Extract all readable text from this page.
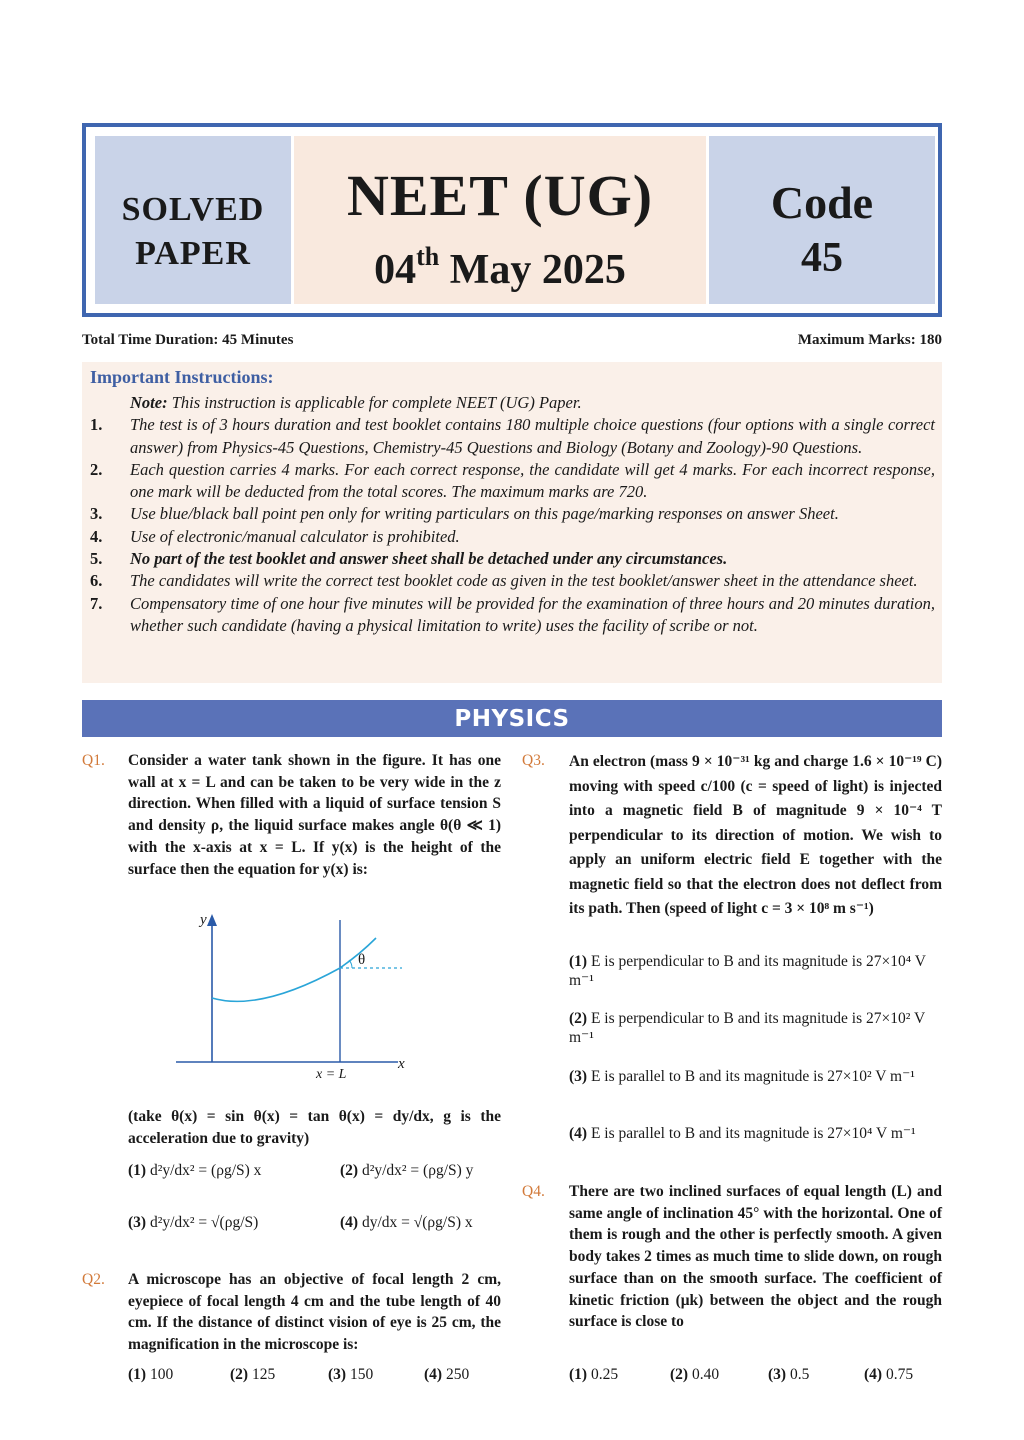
SOLVED
PAPER
NEET (UG)
04th May 2025
Code
45
Total Time Duration: 45 Minutes	Maximum Marks: 180
Important Instructions:
Note: This instruction is applicable for complete NEET (UG) Paper.
1.	The test is of 3 hours duration and test booklet contains 180 multiple choice questions (four options with a single correct answer) from Physics-45 Questions, Chemistry-45 Questions and Biology (Botany and Zoology)-90 Questions.
2.	Each question carries 4 marks. For each correct response, the candidate will get 4 marks. For each incorrect response, one mark will be deducted from the total scores. The maximum marks are 720.
3.	Use blue/black ball point pen only for writing particulars on this page/marking responses on answer Sheet.
4.	Use of electronic/manual calculator is prohibited.
5.	No part of the test booklet and answer sheet shall be detached under any circumstances.
6.	The candidates will write the correct test booklet code as given in the test booklet/answer sheet in the attendance sheet.
7.	Compensatory time of one hour five minutes will be provided for the examination of three hours and 20 minutes duration, whether such candidate (having a physical limitation to write) uses the facility of scribe or not.
PHYSICS
Q1. Consider a water tank shown in the figure. It has one wall at x = L and can be taken to be very wide in the z direction. When filled with a liquid of surface tension S and density ρ, the liquid surface makes angle θ(θ ≪ 1) with the x-axis at x = L. If y(x) is the height of the surface then the equation for y(x) is:
y
x
x = L
θ
(take θ(x) = sin θ(x) = tan θ(x) = dy/dx, g is the acceleration due to gravity)
(1) d²y/dx² = (ρg/S) x	(2) d²y/dx² = (ρg/S) y
(3) d²y/dx² = √(ρg/S)	(4) dy/dx = √(ρg/S) x
Q2. A microscope has an objective of focal length 2 cm, eyepiece of focal length 4 cm and the tube length of 40 cm. If the distance of distinct vision of eye is 25 cm, the magnification in the microscope is:
(1) 100	(2) 125	(3) 150	(4) 250
Q3. An electron (mass 9 × 10⁻³¹ kg and charge 1.6 × 10⁻¹⁹ C) moving with speed c/100 (c = speed of light) is injected into a magnetic field B of magnitude 9 × 10⁻⁴ T perpendicular to its direction of motion. We wish to apply an uniform electric field E together with the magnetic field so that the electron does not deflect from its path. Then (speed of light c = 3 × 10⁸ m s⁻¹)
(1) E is perpendicular to B and its magnitude is 27×10⁴ V m⁻¹
(2) E is perpendicular to B and its magnitude is 27×10² V m⁻¹
(3) E is parallel to B and its magnitude is 27×10² V m⁻¹
(4) E is parallel to B and its magnitude is 27×10⁴ V m⁻¹
Q4. There are two inclined surfaces of equal length (L) and same angle of inclination 45° with the horizontal. One of them is rough and the other is perfectly smooth. A given body takes 2 times as much time to slide down, on rough surface than on the smooth surface. The coefficient of kinetic friction (μk) between the object and the rough surface is close to
(1) 0.25	(2) 0.40	(3) 0.5	(4) 0.75
